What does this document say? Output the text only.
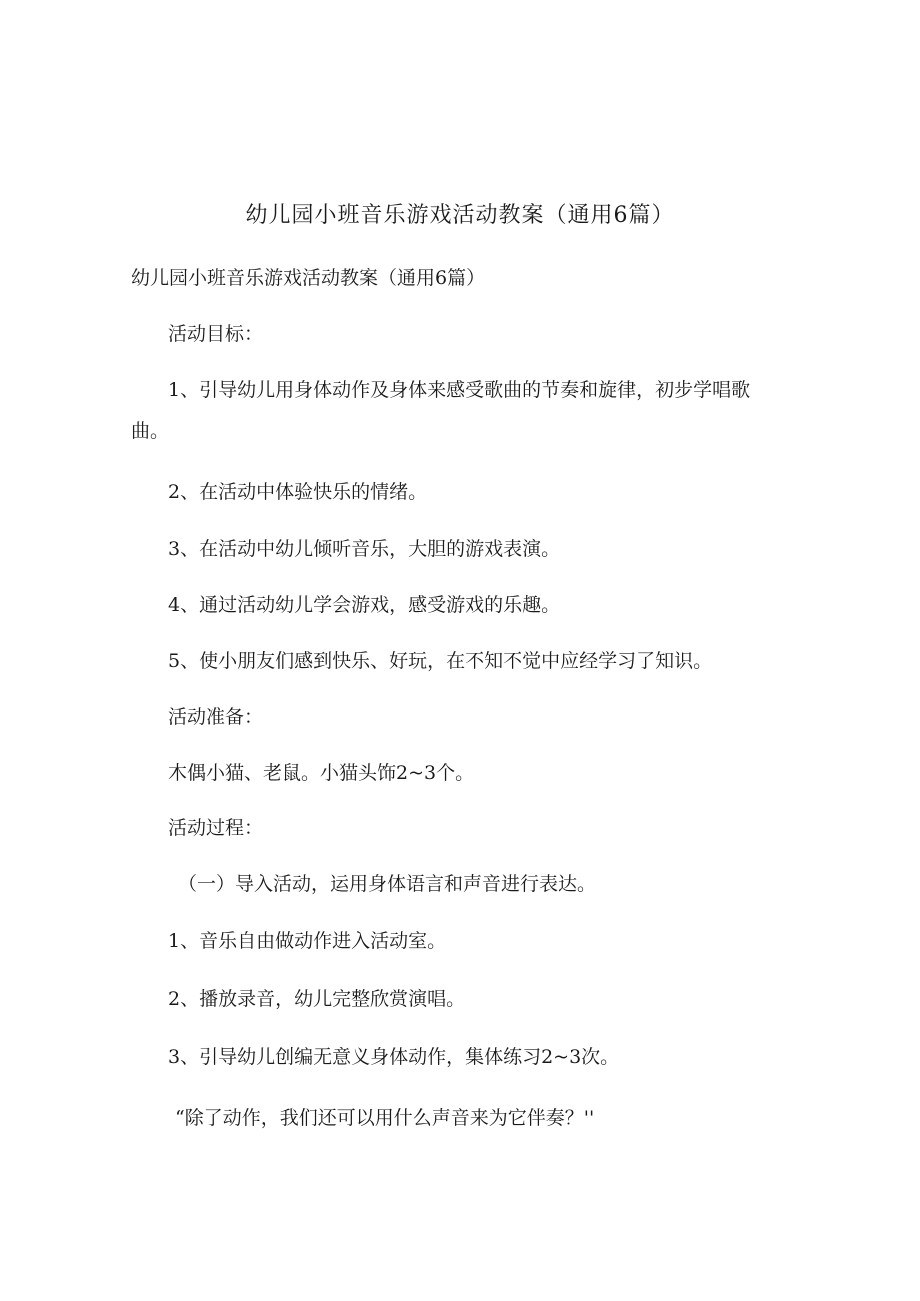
幼儿园小班音乐游戏活动教案（通用6篇）
幼儿园小班音乐游戏活动教案（通用6篇）
活动目标：
1、引导幼儿用身体动作及身体来感受歌曲的节奏和旋律，初步学唱歌
曲。
2、在活动中体验快乐的情绪。
3、在活动中幼儿倾听音乐，大胆的游戏表演。
4、通过活动幼儿学会游戏，感受游戏的乐趣。
5、使小朋友们感到快乐、好玩，在不知不觉中应经学习了知识。
活动准备：
木偶小猫、老鼠。小猫头饰2~3个。
活动过程：
（一）导入活动，运用身体语言和声音进行表达。
1、音乐自由做动作进入活动室。
2、播放录音，幼儿完整欣赏演唱。
3、引导幼儿创编无意义身体动作，集体练习2~3次。
“除了动作，我们还可以用什么声音来为它伴奏？''
